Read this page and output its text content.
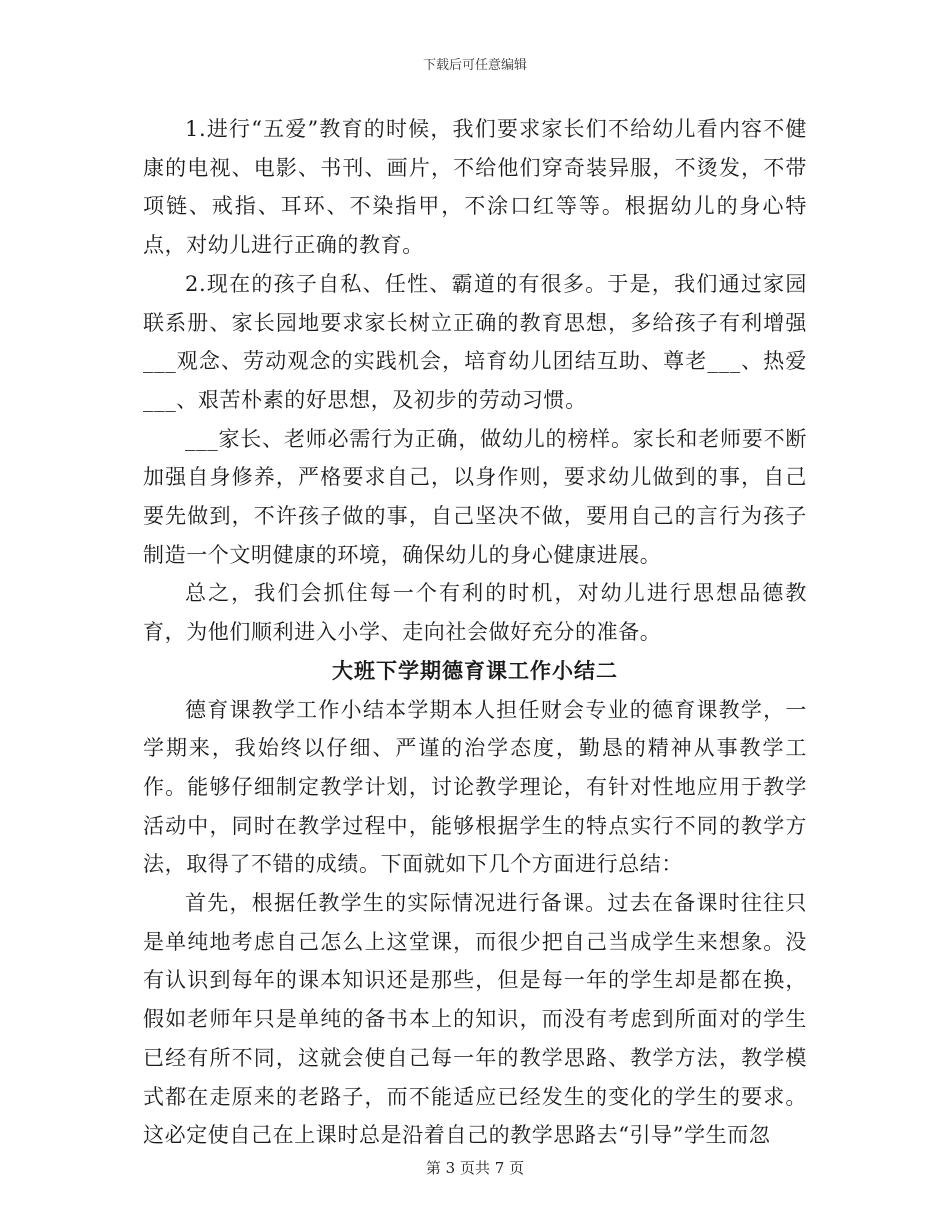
下载后可任意编辑

1.进行“五爱”教育的时候，我们要求家长们不给幼儿看内容不健康的电视、电影、书刊、画片，不给他们穿奇装异服，不烫发，不带项链、戒指、耳环、不染指甲，不涂口红等等。根据幼儿的身心特点，对幼儿进行正确的教育。

2.现在的孩子自私、任性、霸道的有很多。于是，我们通过家园联系册、家长园地要求家长树立正确的教育思想，多给孩子有利增强___观念、劳动观念的实践机会，培育幼儿团结互助、尊老___、热爱___、艰苦朴素的好思想，及初步的劳动习惯。

___家长、老师必需行为正确，做幼儿的榜样。家长和老师要不断加强自身修养，严格要求自己，以身作则，要求幼儿做到的事，自己要先做到，不许孩子做的事，自己坚决不做，要用自己的言行为孩子制造一个文明健康的环境，确保幼儿的身心健康进展。

总之，我们会抓住每一个有利的时机，对幼儿进行思想品德教育，为他们顺利进入小学、走向社会做好充分的准备。

大班下学期德育课工作小结二

德育课教学工作小结本学期本人担任财会专业的德育课教学，一学期来，我始终以仔细、严谨的治学态度，勤恳的精神从事教学工作。能够仔细制定教学计划，讨论教学理论，有针对性地应用于教学活动中，同时在教学过程中，能够根据学生的特点实行不同的教学方法，取得了不错的成绩。下面就如下几个方面进行总结：

首先，根据任教学生的实际情况进行备课。过去在备课时往往只是单纯地考虑自己怎么上这堂课，而很少把自己当成学生来想象。没有认识到每年的课本知识还是那些，但是每一年的学生却是都在换，假如老师年只是单纯的备书本上的知识，而没有考虑到所面对的学生已经有所不同，这就会使自己每一年的教学思路、教学方法，教学模式都在走原来的老路子，而不能适应已经发生的变化的学生的要求。这必定使自己在上课时总是沿着自己的教学思路去“引导”学生而忽

第 3 页共 7 页
